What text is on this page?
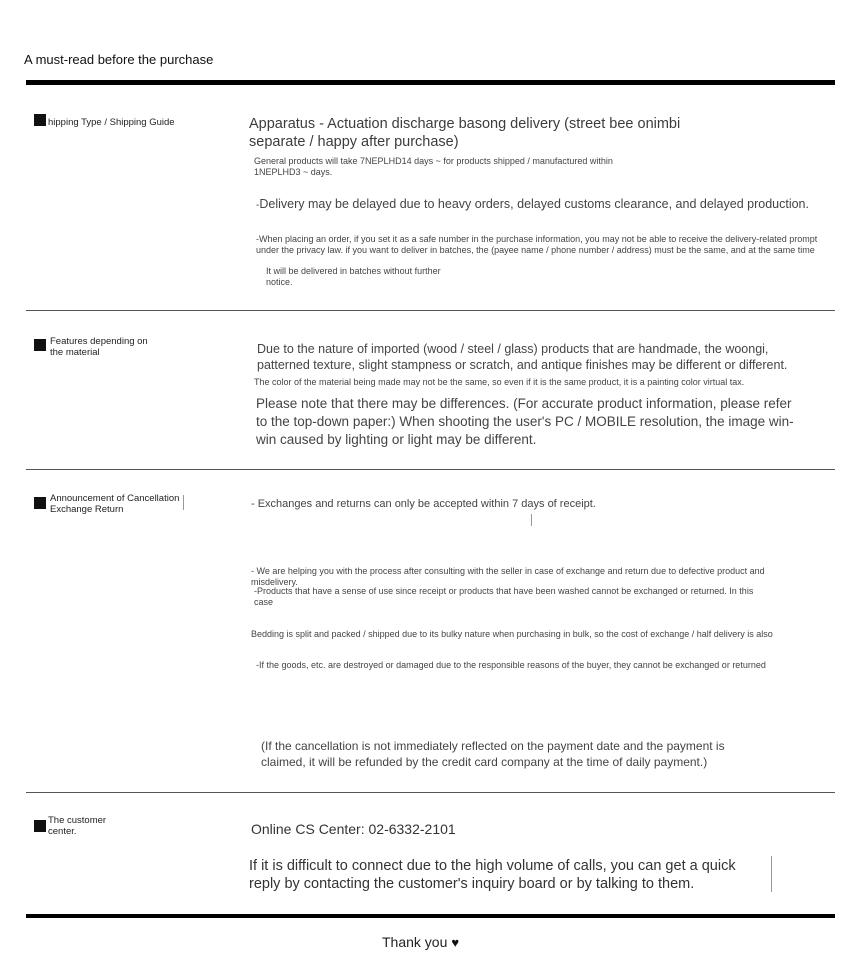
A must-read before the purchase
hipping Type / Shipping Guide	Apparatus - Actuation discharge basong delivery (street bee onimbi separate / happy after purchase)
General products will take 7NEPLHD14 days ~ for products shipped / manufactured within
1NEPLHD3 ~ days.
-Delivery may be delayed due to heavy orders, delayed customs clearance, and delayed production.
-When placing an order, if you set it as a safe number in the purchase information, you may not be able to receive the delivery-related prompt under the privacy law. if you want to deliver in batches, the (payee name / phone number / address) must be the same, and at the same time
It will be delivered in batches without further notice.
Features depending on the material	Due to the nature of imported (wood / steel / glass) products that are handmade, the woongi, patterned texture, slight stampness or scratch, and antique finishes may be different or different.
The color of the material being made may not be the same, so even if it is the same product, it is a painting color virtual tax.
Please note that there may be differences. (For accurate product information, please refer to the top-down paper:) When shooting the user's PC / MOBILE resolution, the image win-win caused by lighting or light may be different.
Announcement of Cancellation Exchange Return	- Exchanges and returns can only be accepted within 7 days of receipt.
- We are helping you with the process after consulting with the seller in case of exchange and return due to defective product and misdelivery.
-Products that have a sense of use since receipt or products that have been washed cannot be exchanged or returned. In this case
Bedding is split and packed / shipped due to its bulky nature when purchasing in bulk, so the cost of exchange / half delivery is also
-If the goods, etc. are destroyed or damaged due to the responsible reasons of the buyer, they cannot be exchanged or returned
(If the cancellation is not immediately reflected on the payment date and the payment is claimed, it will be refunded by the credit card company at the time of daily payment.)
The customer center.	Online CS Center: 02-6332-2101
If it is difficult to connect due to the high volume of calls, you can get a quick reply by contacting the customer's inquiry board or by talking to them.
Thank you ♥
